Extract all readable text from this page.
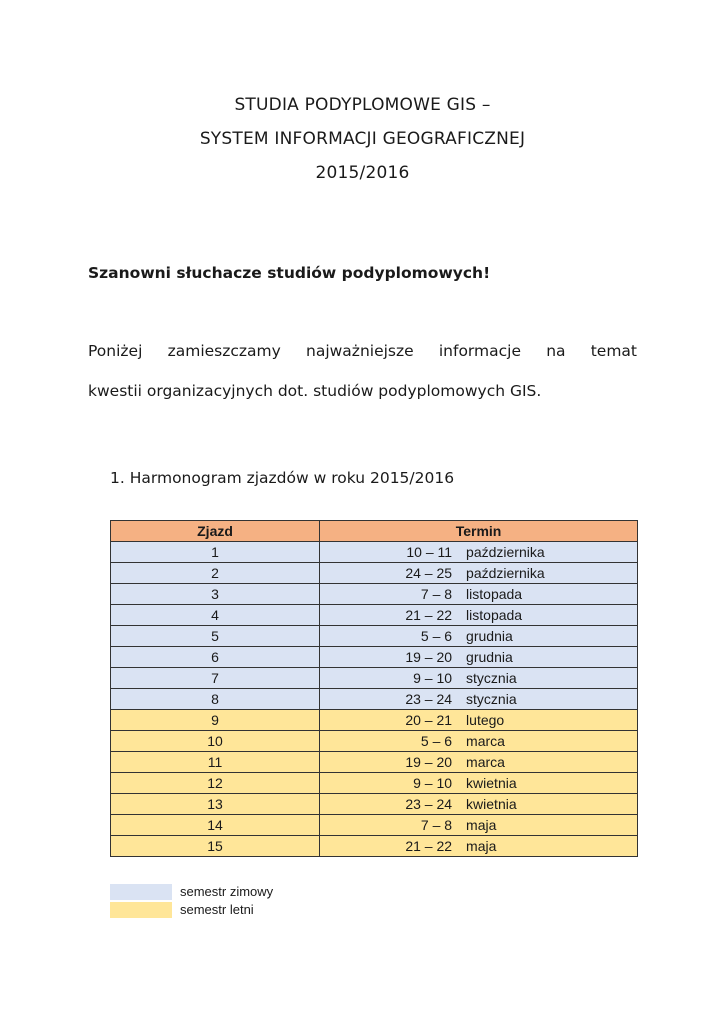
STUDIA PODYPLOMOWE GIS –
SYSTEM INFORMACJI GEOGRAFICZNEJ
2015/2016
Szanowni słuchacze studiów podyplomowych!
Poniżej zamieszczamy najważniejsze informacje na temat
kwestii organizacyjnych dot. studiów podyplomowych GIS.
1. Harmonogram zjazdów w roku 2015/2016
Zjazd	Termin
1	10 – 11 października

2	24 – 25 października

3	7 – 8 listopada

4	21 – 22 listopada

5	5 – 6 grudnia

6	19 – 20 grudnia

7	9 – 10 stycznia

8	23 – 24 stycznia

9	20 – 21 lutego

10	5 – 6 marca

11	19 – 20 marca

12	9 – 10 kwietnia

13	23 – 24 kwietnia

14	7 – 8 maja

15	21 – 22 maja
semestr zimowy
semestr letni
